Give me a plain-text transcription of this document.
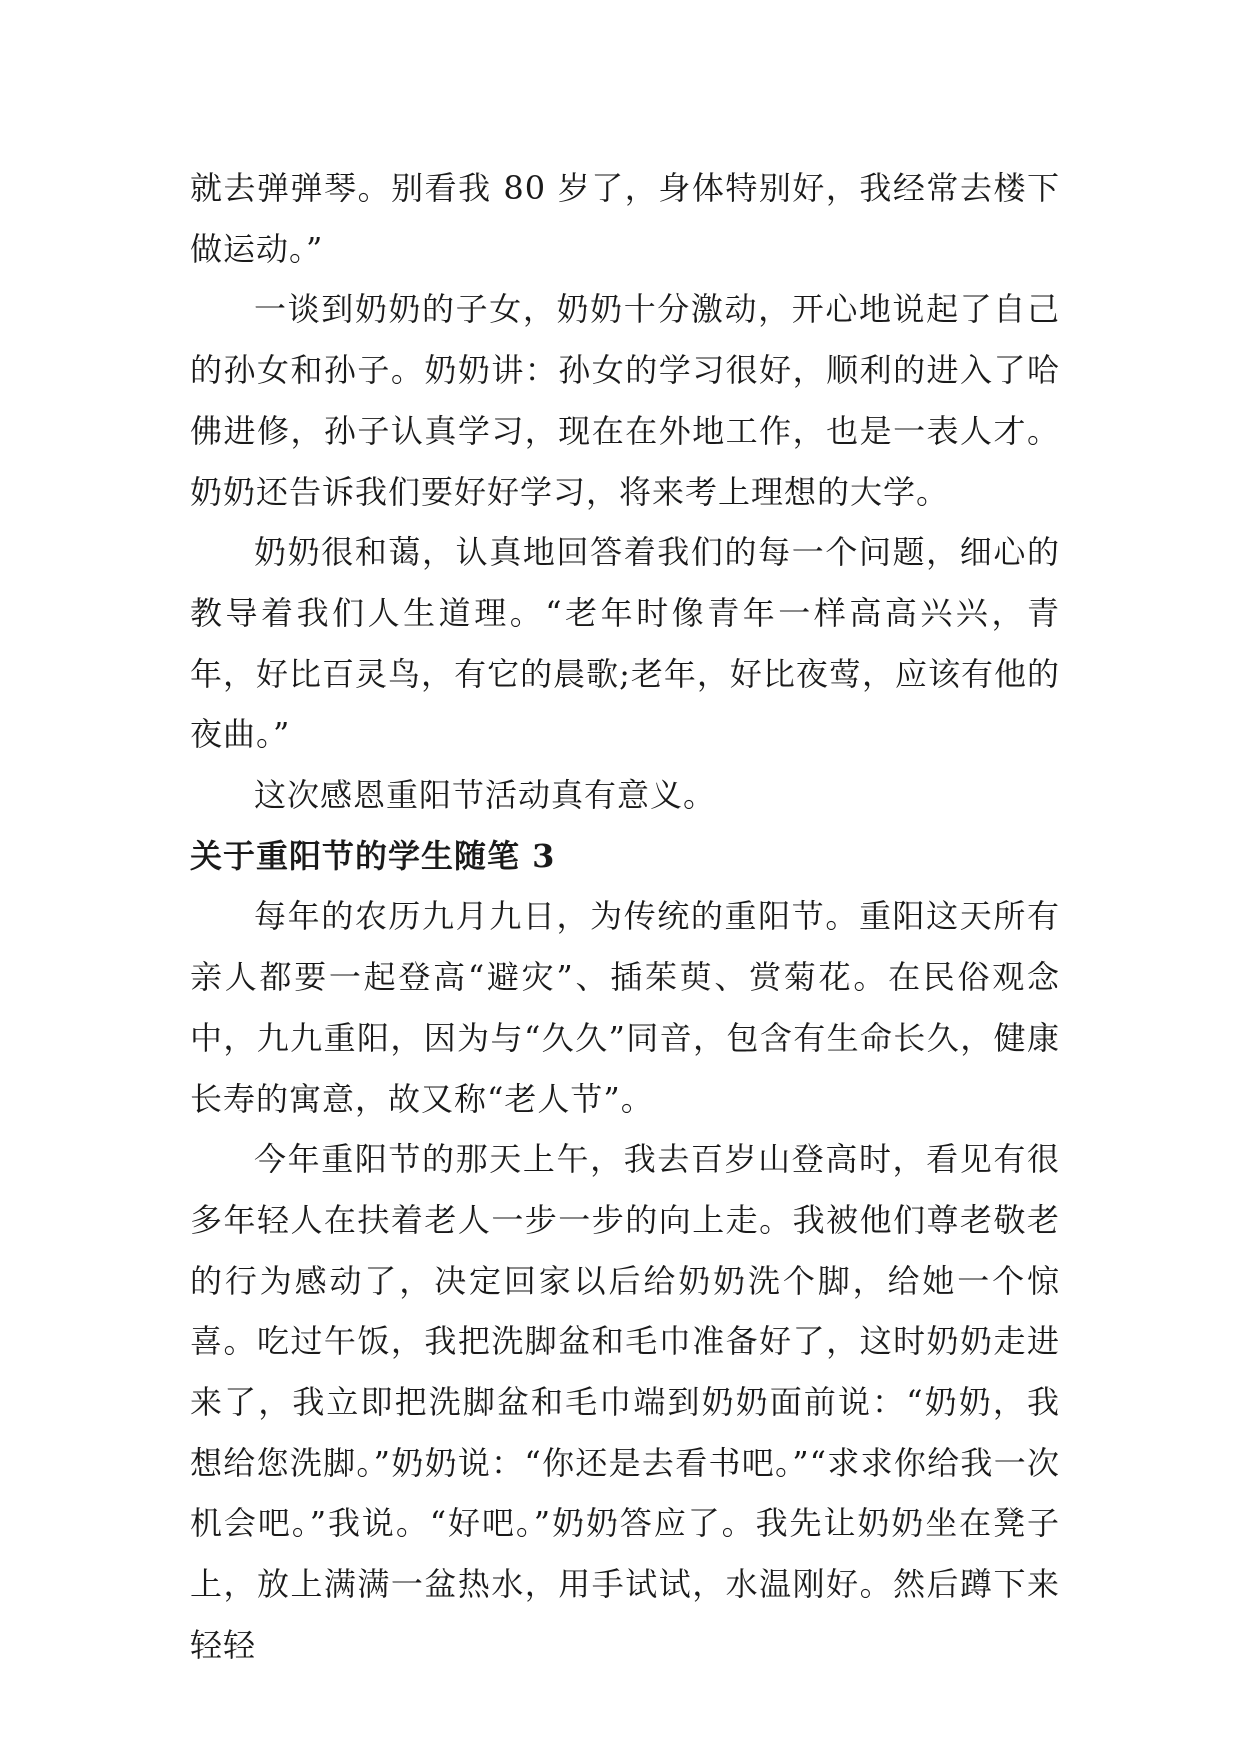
就去弹弹琴。别看我 80 岁了，身体特别好，我经常去楼下做运动。”

一谈到奶奶的子女，奶奶十分激动，开心地说起了自己的孙女和孙子。奶奶讲：孙女的学习很好，顺利的进入了哈佛进修，孙子认真学习，现在在外地工作，也是一表人才。奶奶还告诉我们要好好学习，将来考上理想的大学。

奶奶很和蔼，认真地回答着我们的每一个问题，细心的教导着我们人生道理。“老年时像青年一样高高兴兴，青年，好比百灵鸟，有它的晨歌;老年，好比夜莺，应该有他的夜曲。”

这次感恩重阳节活动真有意义。

关于重阳节的学生随笔 3

每年的农历九月九日，为传统的重阳节。重阳这天所有亲人都要一起登高“避灾”、插茱萸、赏菊花。在民俗观念中，九九重阳，因为与“久久”同音，包含有生命长久，健康长寿的寓意，故又称“老人节”。

今年重阳节的那天上午，我去百岁山登高时，看见有很多年轻人在扶着老人一步一步的向上走。我被他们尊老敬老的行为感动了，决定回家以后给奶奶洗个脚，给她一个惊喜。吃过午饭，我把洗脚盆和毛巾准备好了，这时奶奶走进来了，我立即把洗脚盆和毛巾端到奶奶面前说：“奶奶，我想给您洗脚。”奶奶说：“你还是去看书吧。”“求求你给我一次机会吧。”我说。“好吧。”奶奶答应了。我先让奶奶坐在凳子上，放上满满一盆热水，用手试试，水温刚好。然后蹲下来轻轻
